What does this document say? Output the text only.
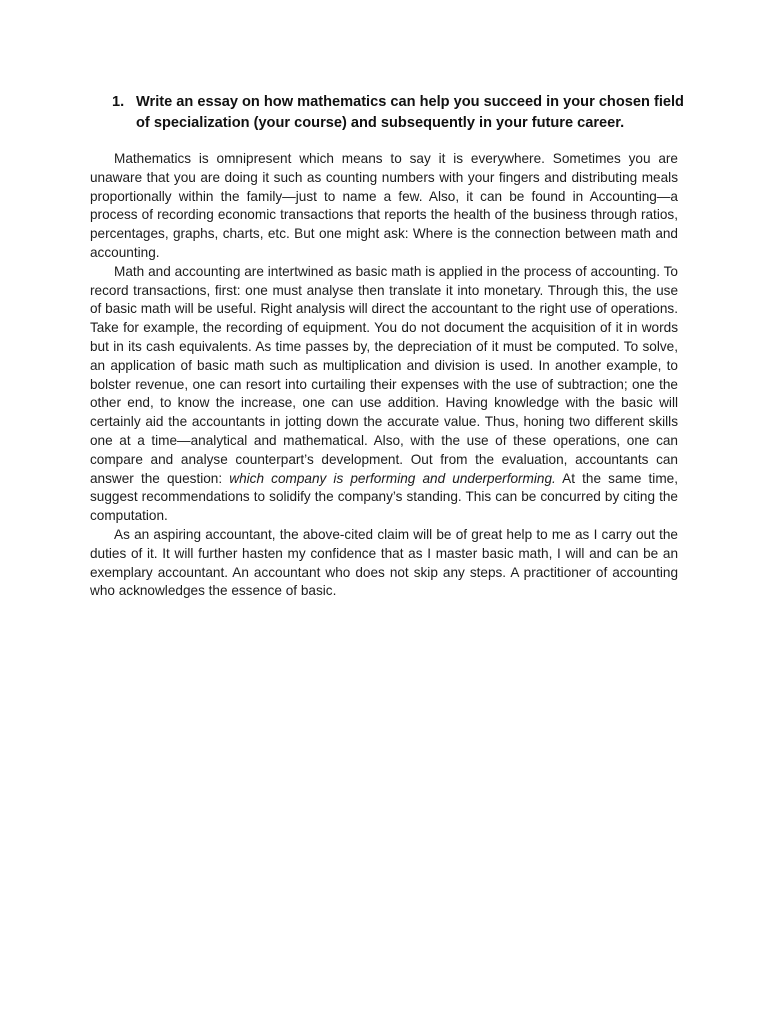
1. Write an essay on how mathematics can help you succeed in your chosen field of specialization (your course) and subsequently in your future career.

Mathematics is omnipresent which means to say it is everywhere. Sometimes you are unaware that you are doing it such as counting numbers with your fingers and distributing meals proportionally within the family—just to name a few. Also, it can be found in Accounting—a process of recording economic transactions that reports the health of the business through ratios, percentages, graphs, charts, etc. But one might ask: Where is the connection between math and accounting.

Math and accounting are intertwined as basic math is applied in the process of accounting. To record transactions, first: one must analyse then translate it into monetary. Through this, the use of basic math will be useful. Right analysis will direct the accountant to the right use of operations. Take for example, the recording of equipment. You do not document the acquisition of it in words but in its cash equivalents. As time passes by, the depreciation of it must be computed. To solve, an application of basic math such as multiplication and division is used. In another example, to bolster revenue, one can resort into curtailing their expenses with the use of subtraction; one the other end, to know the increase, one can use addition. Having knowledge with the basic will certainly aid the accountants in jotting down the accurate value. Thus, honing two different skills one at a time—analytical and mathematical. Also, with the use of these operations, one can compare and analyse counterpart’s development. Out from the evaluation, accountants can answer the question: which company is performing and underperforming. At the same time, suggest recommendations to solidify the company’s standing. This can be concurred by citing the computation.

As an aspiring accountant, the above-cited claim will be of great help to me as I carry out the duties of it. It will further hasten my confidence that as I master basic math, I will and can be an exemplary accountant. An accountant who does not skip any steps. A practitioner of accounting who acknowledges the essence of basic.
